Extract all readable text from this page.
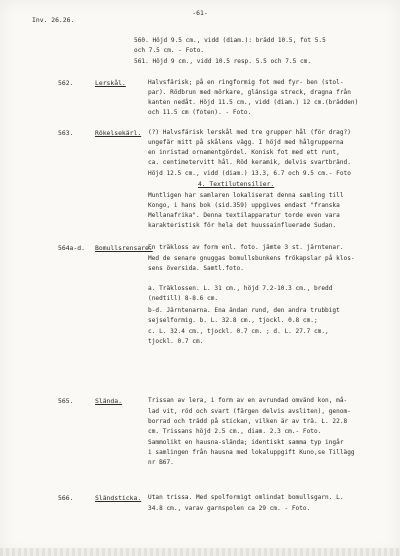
-61-
Inv. 26.26.
560. Höjd 9.5 cm., vidd (diam.): brädd 10.5, fot 5.5
och 7.5 cm. - Foto.
561. Höjd 9 cm., vidd 10.5 resp. 5.5 och 7.5 cm.
562.	Lerskål.	Halvsfärisk; på en ringformig fot med fyr- ben (stol-
par). Rödbrun med mörkare, glänsiga streck, dragna från
kanten nedåt. Höjd 11.5 cm., vidd (diam.) 12 cm.(brädden)
och 11.5 cm (foten). - Foto.
563.	Rökelsekärl. (?) Halvsfärisk lerskål med tre grupper hål (för drag?)
ungefär mitt på skålens vägg. I höjd med hålgrupperna
en inristad ornamentgördel. Konisk fot med ett runt,
ca. centimetervitt hål. Röd keramik, delvis svartbränd.
Höjd 12.5 cm., vidd (diam.) 13.3, 6.7 och 9.5 cm.- Foto
4. Textilutensilier.
Muntligen har samlaren lokaliserat denna samling till
Kongo, i hans bok (sid.359) uppgives endast "franska
Mellanafrika". Denna textilapparatur torde even vara
karakteristisk för hela det huussainfluerade Sudan.
564a-d. Bomullsrensare.
En träkloss av form enl. foto. jämte 3 st. järntenar.
Med de senare gnuggas bomullsbunkens frökapslar på klos-
sens översida. Samtl.foto.
a. Träklossen. L. 31 cm., höjd 7.2-10.3 cm., bredd
(nedtill) 8-8.6 cm.
b-d. Järntenarna. Ena ändan rund, den andra trubbigt
sejselformig. b. L. 32.8 cm., tjockl. 0.8 cm.;
c. L. 32.4 cm., tjockl. 0.7 cm. ; d. L. 27.7 cm.,
tjockl. 0.7 cm.
565.	Slända.	Trissan av lera, i form av en avrundad omvänd kon, må-
lad vit, röd och svart (färgen delvis avsliten), genom-
borrad och trädd på stickan, vilken är av trä. L. 22.8
cm. Trissans höjd 2.5 cm., diam. 2.3 cm.- Foto.
Sammolikt en hausna-slända; identiskt samma typ ingår
i samlingen från hausna med lokaluppgift Kuno,se Tillägg
nr B67.
566.	Sländsticka. Utan trissa. Med spolformigt omlindat bomullsgarn. L.
34.8 cm., varav garnspolen ca 29 cm. - Foto.
